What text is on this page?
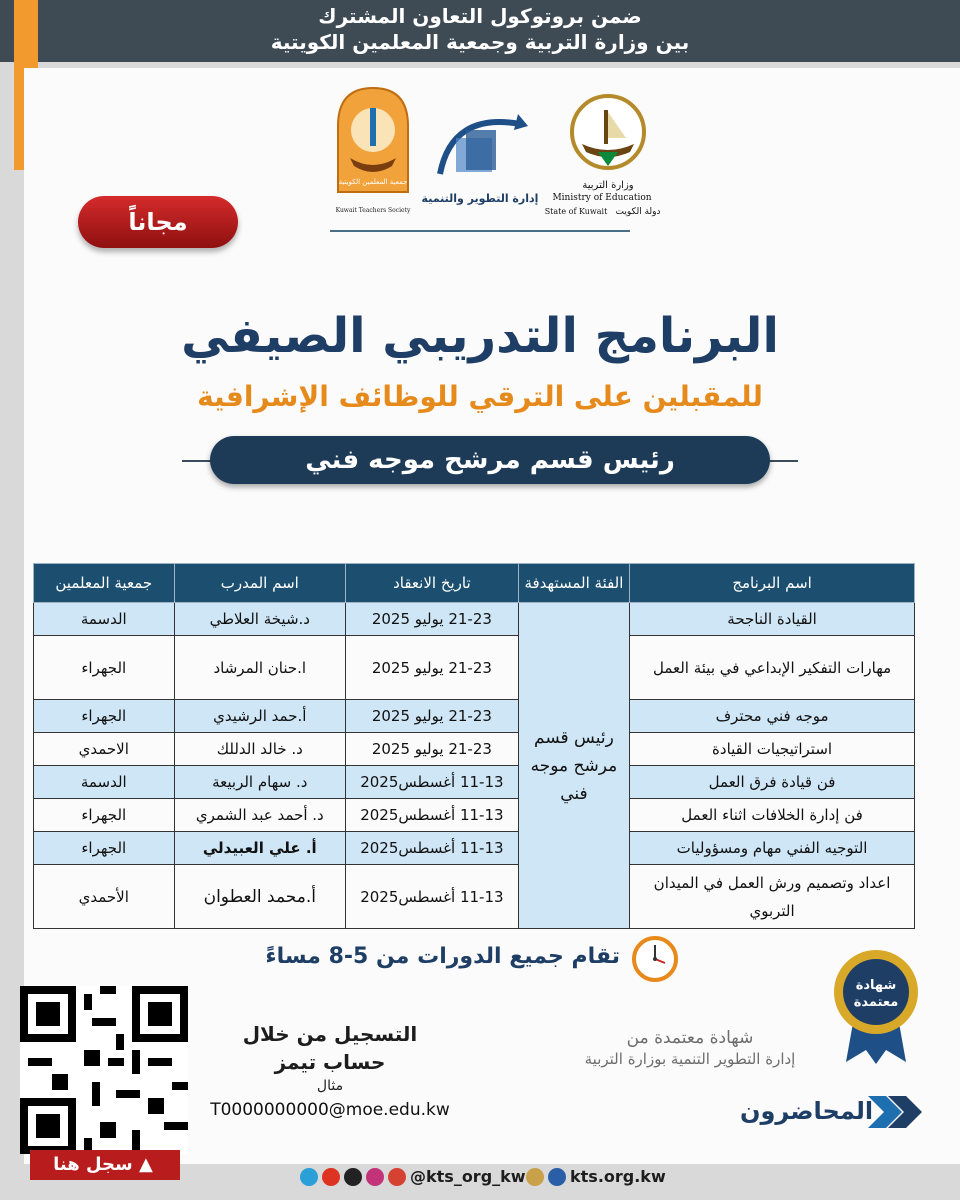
ضمن بروتوكول التعاون المشترك
بين وزارة التربية وجمعية المعلمين الكويتية
جمعية المعلمين الكويتية
Kuwait Teachers Society
إدارة التطوير والتنمية
وزارة التربية
Ministry of Education
State of Kuwait دولة الكويت
مجاناً
البرنامج التدريبي الصيفي
للمقبلين على الترقي للوظائف الإشرافية
رئيس قسم مرشح موجه فني
اسم البرنامج	الفئة المستهدفة	تاريخ الانعقاد	اسم المدرب	جمعية المعلمين
القيادة الناجحة	رئيس قسم مرشح موجه فني	21-23 يوليو 2025	د.شيخة العلاطي	الدسمة
مهارات التفكير الإبداعي في بيئة العمل		21-23 يوليو 2025	ا.حنان المرشاد	الجهراء
موجه فني محترف		21-23 يوليو 2025	أ.حمد الرشيدي	الجهراء
استراتيجيات القيادة		21-23 يوليو 2025	د. خالد الدللك	الاحمدي
فن قيادة فرق العمل		11-13 أغسطس2025	د. سهام الربيعة	الدسمة
فن إدارة الخلافات اثناء العمل		11-13 أغسطس2025	د. أحمد عبد الشمري	الجهراء
التوجيه الفني مهام ومسؤوليات		11-13 أغسطس2025	أ. علي العبيدلي	الجهراء
اعداد وتصميم ورش العمل في الميدان التربوي		11-13 أغسطس2025	أ.محمد العطوان	الأحمدي
تقام جميع الدورات من 5-8 مساءً
سجل هنا ▲
التسجيل من خلال
حساب تيمز
مثال
T0000000000@moe.edu.kw
شهادة
معتمدة
شهادة معتمدة من
إدارة التطوير التنمية بوزارة التربية
المحاضرون
@kts_org_kw	kts.org.kw
